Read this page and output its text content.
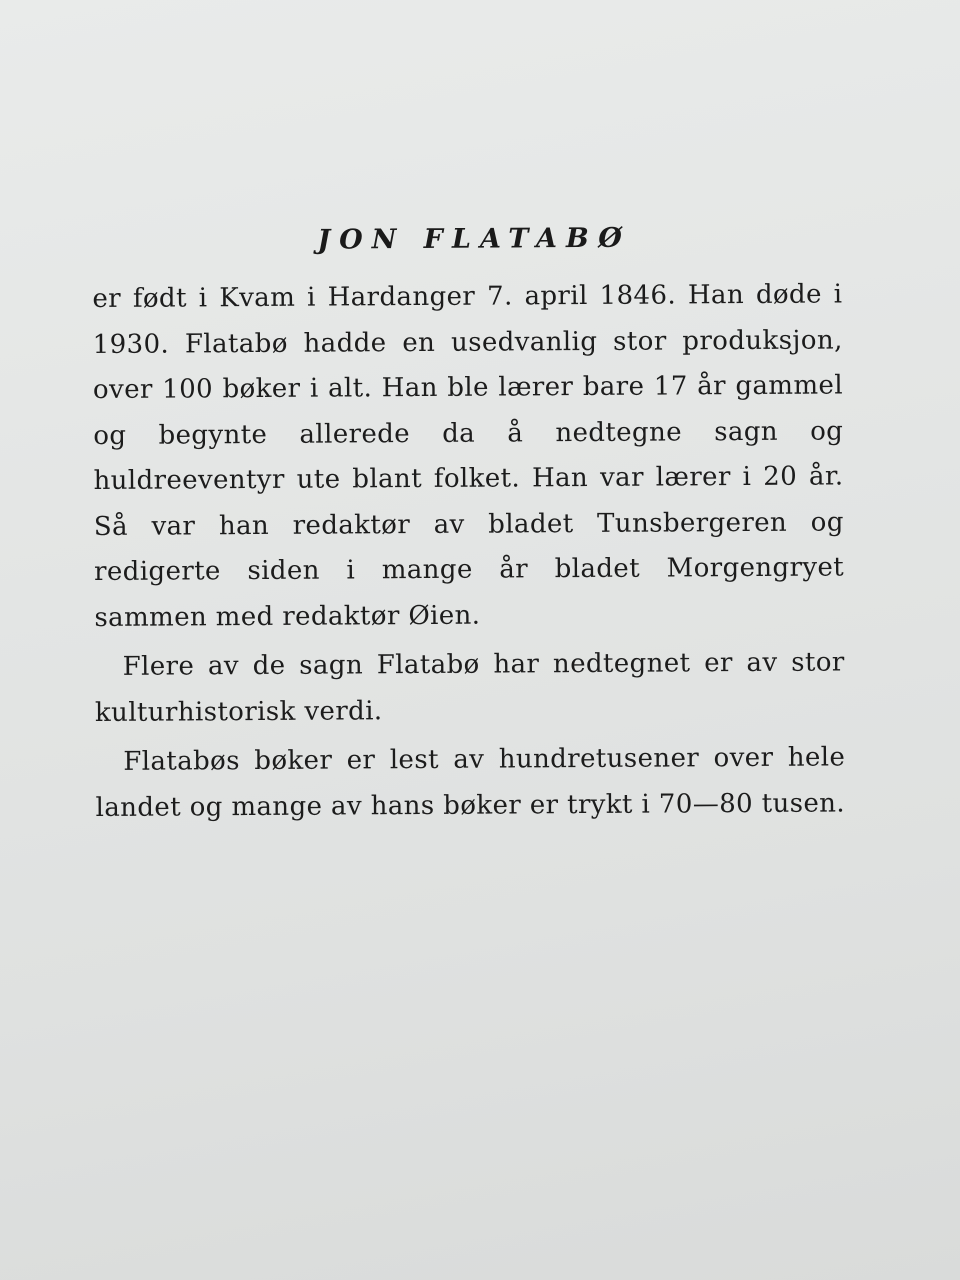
JON FLATABØ

er født i Kvam i Hardanger 7. april 1846. Han døde i 1930. Flatabø hadde en usedvanlig stor produksjon, over 100 bøker i alt. Han ble lærer bare 17 år gammel og begynte allerede da å nedtegne sagn og huldreeventyr ute blant folket. Han var lærer i 20 år. Så var han redaktør av bladet Tunsbergeren og redigerte siden i mange år bladet Morgengryet sammen med redaktør Øien.

Flere av de sagn Flatabø har nedtegnet er av stor kulturhistorisk verdi.

Flatabøs bøker er lest av hundretusener over hele landet og mange av hans bøker er trykt i 70—80 tusen.
